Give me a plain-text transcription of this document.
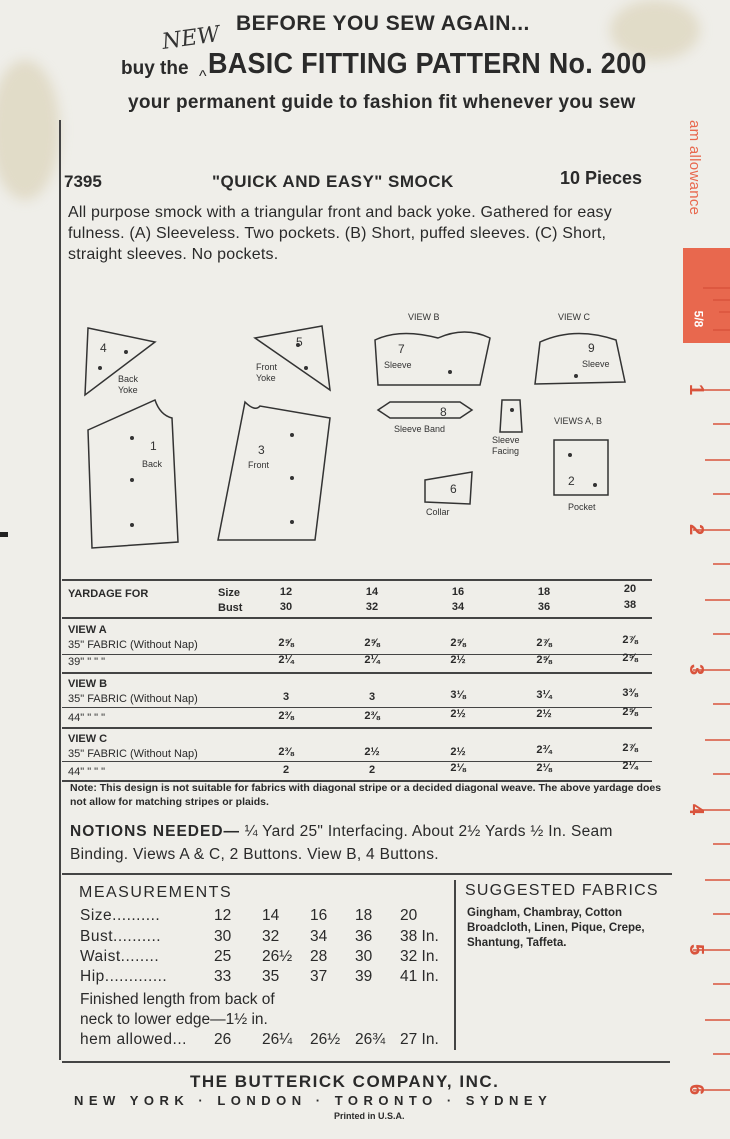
BEFORE YOU SEW AGAIN...
NEW
^
buy the BASIC FITTING PATTERN No. 200
your permanent guide to fashion fit whenever you sew
7395	"QUICK AND EASY" SMOCK	10 Pieces
All purpose smock with a triangular front and back yoke. Gathered for easy fulness. (A) Sleeveless. Two pockets. (B) Short, puffed sleeves. (C) Short, straight sleeves. No pockets.
4
Back
Yoke
5
Front
Yoke
VIEW B
7
Sleeve
VIEW C
9
Sleeve
8
Sleeve Band
Sleeve
Facing
VIEWS A, B
1
Back
3
Front
6
Collar
2
Pocket
YARDAGE FOR	Size
Bust
12	14	16	18	20
30	32	34	36	38
VIEW A
35" FABRIC (Without Nap)	2⅝	2⅝	2⅝	2⅞	2⅞
39" " " "	2¼	2¼	2½	2⅝	2⅝
VIEW B
35" FABRIC (Without Nap)	3	3	3⅛	3¼	3⅜
44" " " "	2⅜	2⅜	2½	2½	2⅝
VIEW C
35" FABRIC (Without Nap)	2⅜	2½	2½	2¾	2⅞
44" " " "	2	2	2⅛	2⅛	2¼
Note: This design is not suitable for fabrics with diagonal stripe or a decided diagonal weave. The above yardage does not allow for matching stripes or plaids.
NOTIONS NEEDED— ¼ Yard 25" Interfacing. About 2½ Yards ½ In. Seam Binding. Views A & C, 2 Buttons. View B, 4 Buttons.
MEASUREMENTS
Size..........	12	14	16	18	20
Bust..........	30	32	34	36	38 In.
Waist........	25	26½	28	30	32 In.
Hip.............	33	35	37	39	41 In.
Finished length from back of
neck to lower edge—1½ in.
hem allowed... 26	26¼	26½ 26¾ 27 In.
SUGGESTED FABRICS
Gingham, Chambray, Cotton Broadcloth, Linen, Pique, Crepe, Shantung, Taffeta.
THE BUTTERICK COMPANY, INC.
NEW YORK · LONDON · TORONTO · SYDNEY
Printed in U.S.A.
am allowance
5/8
1
2
3
4
5
6
